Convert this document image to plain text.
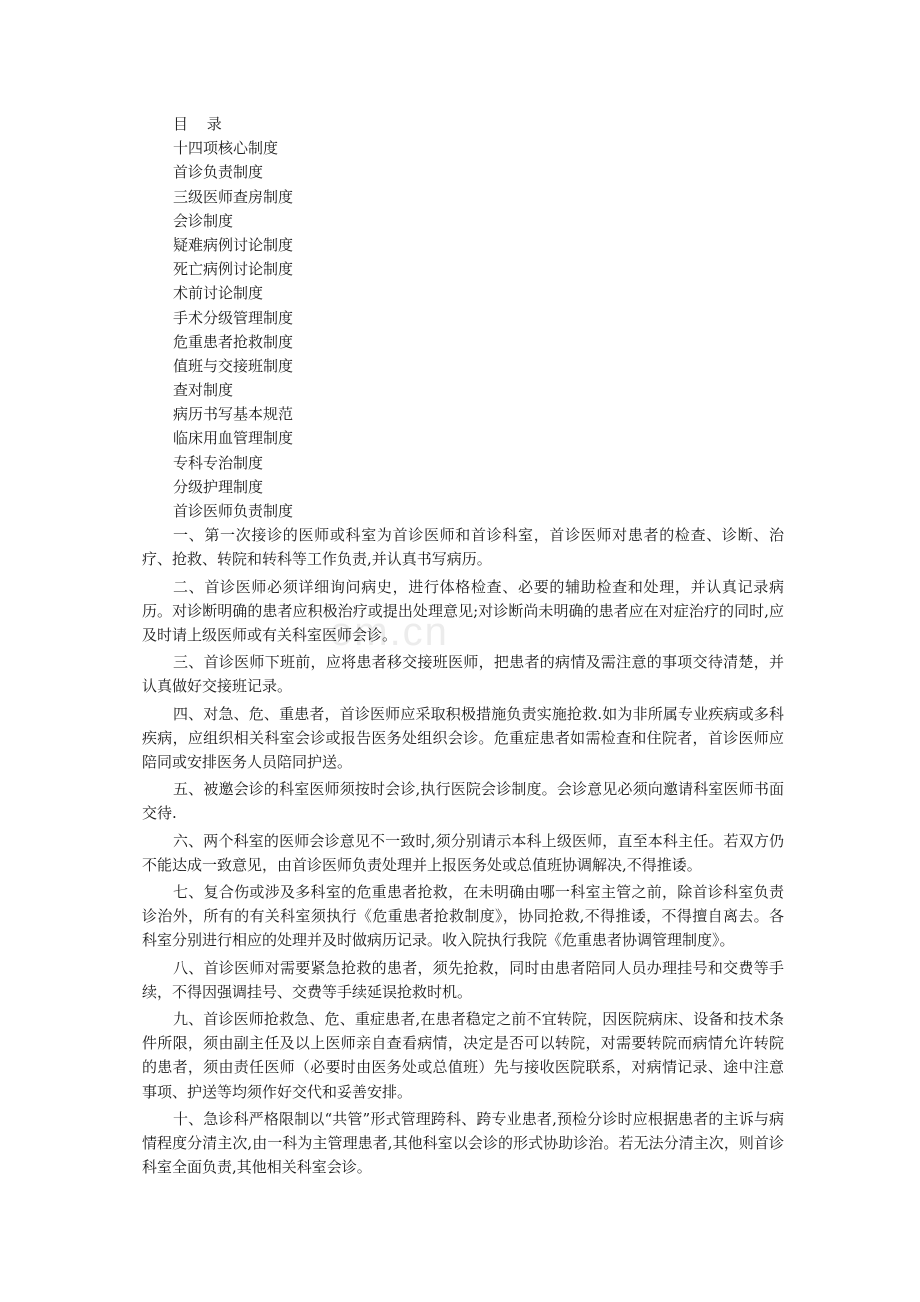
om.cn
目 录
十四项核心制度
首诊负责制度
三级医师查房制度
会诊制度
疑难病例讨论制度
死亡病例讨论制度
术前讨论制度
手术分级管理制度
危重患者抢救制度
值班与交接班制度
查对制度
病历书写基本规范
临床用血管理制度
专科专治制度
分级护理制度
首诊医师负责制度

一、第一次接诊的医师或科室为首诊医师和首诊科室，首诊医师对患者的检查、诊断、治疗、抢救、转院和转科等工作负责,并认真书写病历。

二、首诊医师必须详细询问病史，进行体格检查、必要的辅助检查和处理，并认真记录病历。对诊断明确的患者应积极治疗或提出处理意见;对诊断尚未明确的患者应在对症治疗的同时,应及时请上级医师或有关科室医师会诊。

三、首诊医师下班前，应将患者移交接班医师，把患者的病情及需注意的事项交待清楚，并认真做好交接班记录。

四、对急、危、重患者，首诊医师应采取积极措施负责实施抢救.如为非所属专业疾病或多科疾病，应组织相关科室会诊或报告医务处组织会诊。危重症患者如需检查和住院者，首诊医师应陪同或安排医务人员陪同护送。

五、被邀会诊的科室医师须按时会诊,执行医院会诊制度。会诊意见必须向邀请科室医师书面交待.

六、两个科室的医师会诊意见不一致时,须分别请示本科上级医师，直至本科主任。若双方仍不能达成一致意见，由首诊医师负责处理并上报医务处或总值班协调解决,不得推诿。

七、复合伤或涉及多科室的危重患者抢救，在未明确由哪一科室主管之前，除首诊科室负责诊治外，所有的有关科室须执行《危重患者抢救制度》，协同抢救,不得推诿，不得擅自离去。各科室分别进行相应的处理并及时做病历记录。收入院执行我院《危重患者协调管理制度》。

八、首诊医师对需要紧急抢救的患者，须先抢救，同时由患者陪同人员办理挂号和交费等手续，不得因强调挂号、交费等手续延误抢救时机。

九、首诊医师抢救急、危、重症患者,在患者稳定之前不宜转院，因医院病床、设备和技术条件所限，须由副主任及以上医师亲自查看病情，决定是否可以转院，对需要转院而病情允许转院的患者，须由责任医师（必要时由医务处或总值班）先与接收医院联系，对病情记录、途中注意事项、护送等均须作好交代和妥善安排。

十、急诊科严格限制以“共管”形式管理跨科、跨专业患者,预检分诊时应根据患者的主诉与病情程度分清主次,由一科为主管理患者,其他科室以会诊的形式协助诊治。若无法分清主次，则首诊科室全面负责,其他相关科室会诊。
